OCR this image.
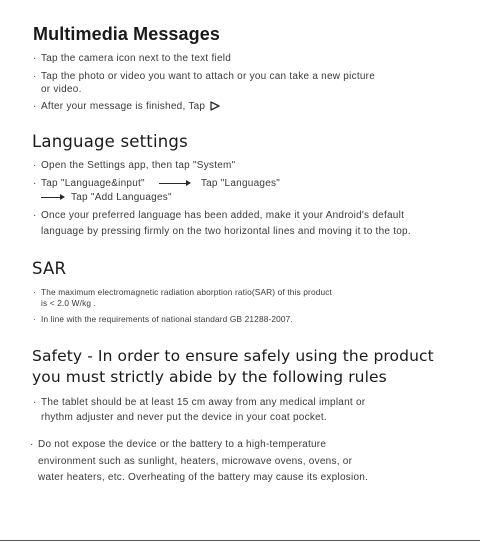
Multimedia Messages
· Tap the camera icon next to the text field
· Tap the photo or video you want to attach or you can take a new picture
or video.
· After your message is finished, Tap
Language settings
· Open the Settings app, then tap "System"
· Tap "Language&input"	Tap "Languages"
Tap "Add Languages"
· Once your preferred language has been added, make it your Android's default
language by pressing firmly on the two horizontal lines and moving it to the top.
SAR
· The maximum electromagnetic radiation aborption ratio(SAR) of this product
is < 2.0 W/kg .
· In line with the requirements of national standard GB 21288-2007.
Safety - In order to ensure safely using the product
you must strictly abide by the following rules
· The tablet should be at least 15 cm away from any medical implant or
rhythm adjuster and never put the device in your coat pocket.
· Do not expose the device or the battery to a high-temperature
environment such as sunlight, heaters, microwave ovens, ovens, or
water heaters, etc. Overheating of the battery may cause its explosion.
